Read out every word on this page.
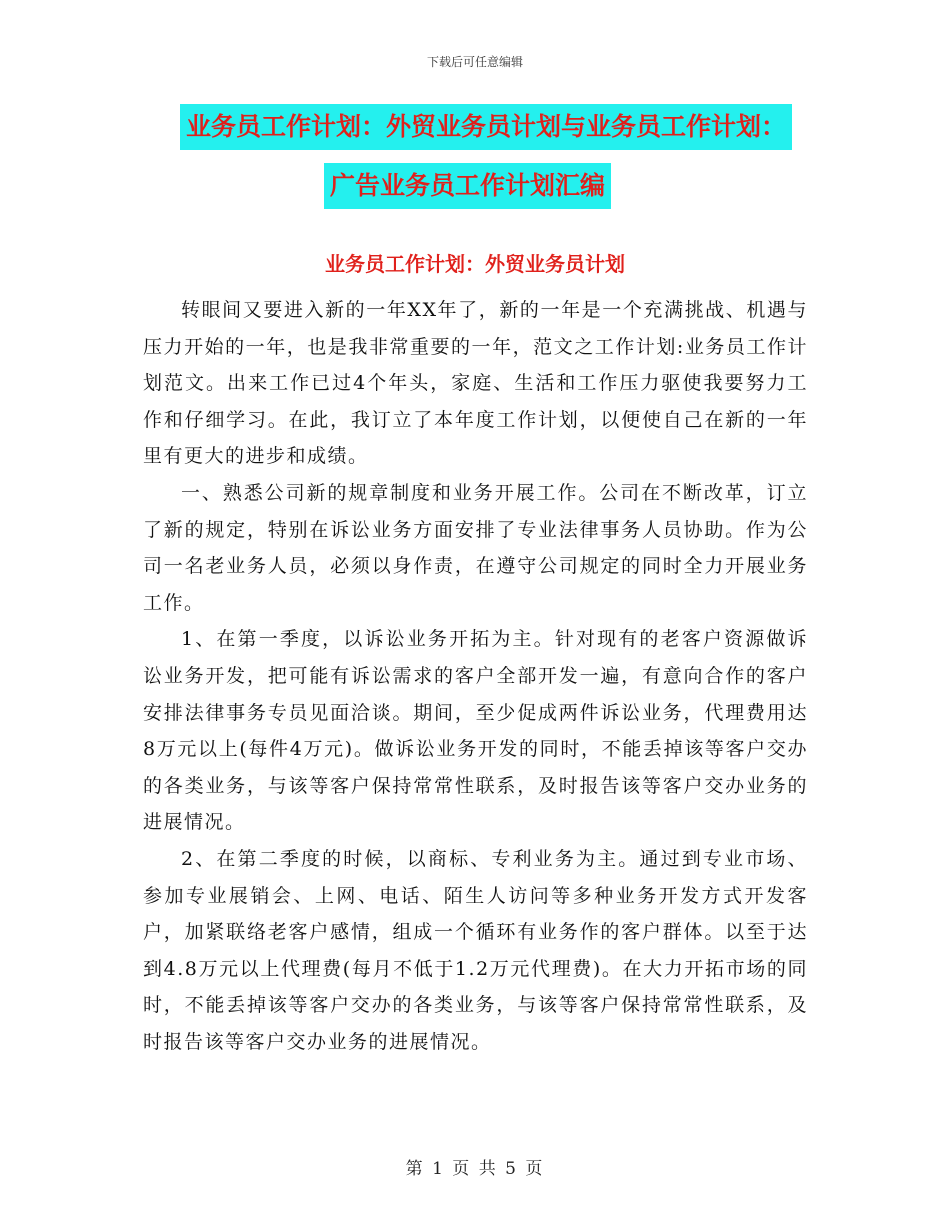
下载后可任意编辑
业务员工作计划：外贸业务员计划与业务员工作计划：
广告业务员工作计划汇编
业务员工作计划：外贸业务员计划

转眼间又要进入新的一年XX年了，新的一年是一个充满挑战、机遇与压力开始的一年，也是我非常重要的一年，范文之工作计划:业务员工作计划范文。出来工作已过4个年头，家庭、生活和工作压力驱使我要努力工作和仔细学习。在此，我订立了本年度工作计划，以便使自己在新的一年里有更大的进步和成绩。

一、熟悉公司新的规章制度和业务开展工作。公司在不断改革，订立了新的规定，特别在诉讼业务方面安排了专业法律事务人员协助。作为公司一名老业务人员，必须以身作责，在遵守公司规定的同时全力开展业务工作。

1、在第一季度，以诉讼业务开拓为主。针对现有的老客户资源做诉讼业务开发，把可能有诉讼需求的客户全部开发一遍，有意向合作的客户安排法律事务专员见面洽谈。期间，至少促成两件诉讼业务，代理费用达8万元以上(每件4万元)。做诉讼业务开发的同时，不能丢掉该等客户交办的各类业务，与该等客户保持常常性联系，及时报告该等客户交办业务的进展情况。

2、在第二季度的时候，以商标、专利业务为主。通过到专业市场、参加专业展销会、上网、电话、陌生人访问等多种业务开发方式开发客户，加紧联络老客户感情，组成一个循环有业务作的客户群体。以至于达到4.8万元以上代理费(每月不低于1.2万元代理费)。在大力开拓市场的同时，不能丢掉该等客户交办的各类业务，与该等客户保持常常性联系，及时报告该等客户交办业务的进展情况。

第 1 页 共 5 页
